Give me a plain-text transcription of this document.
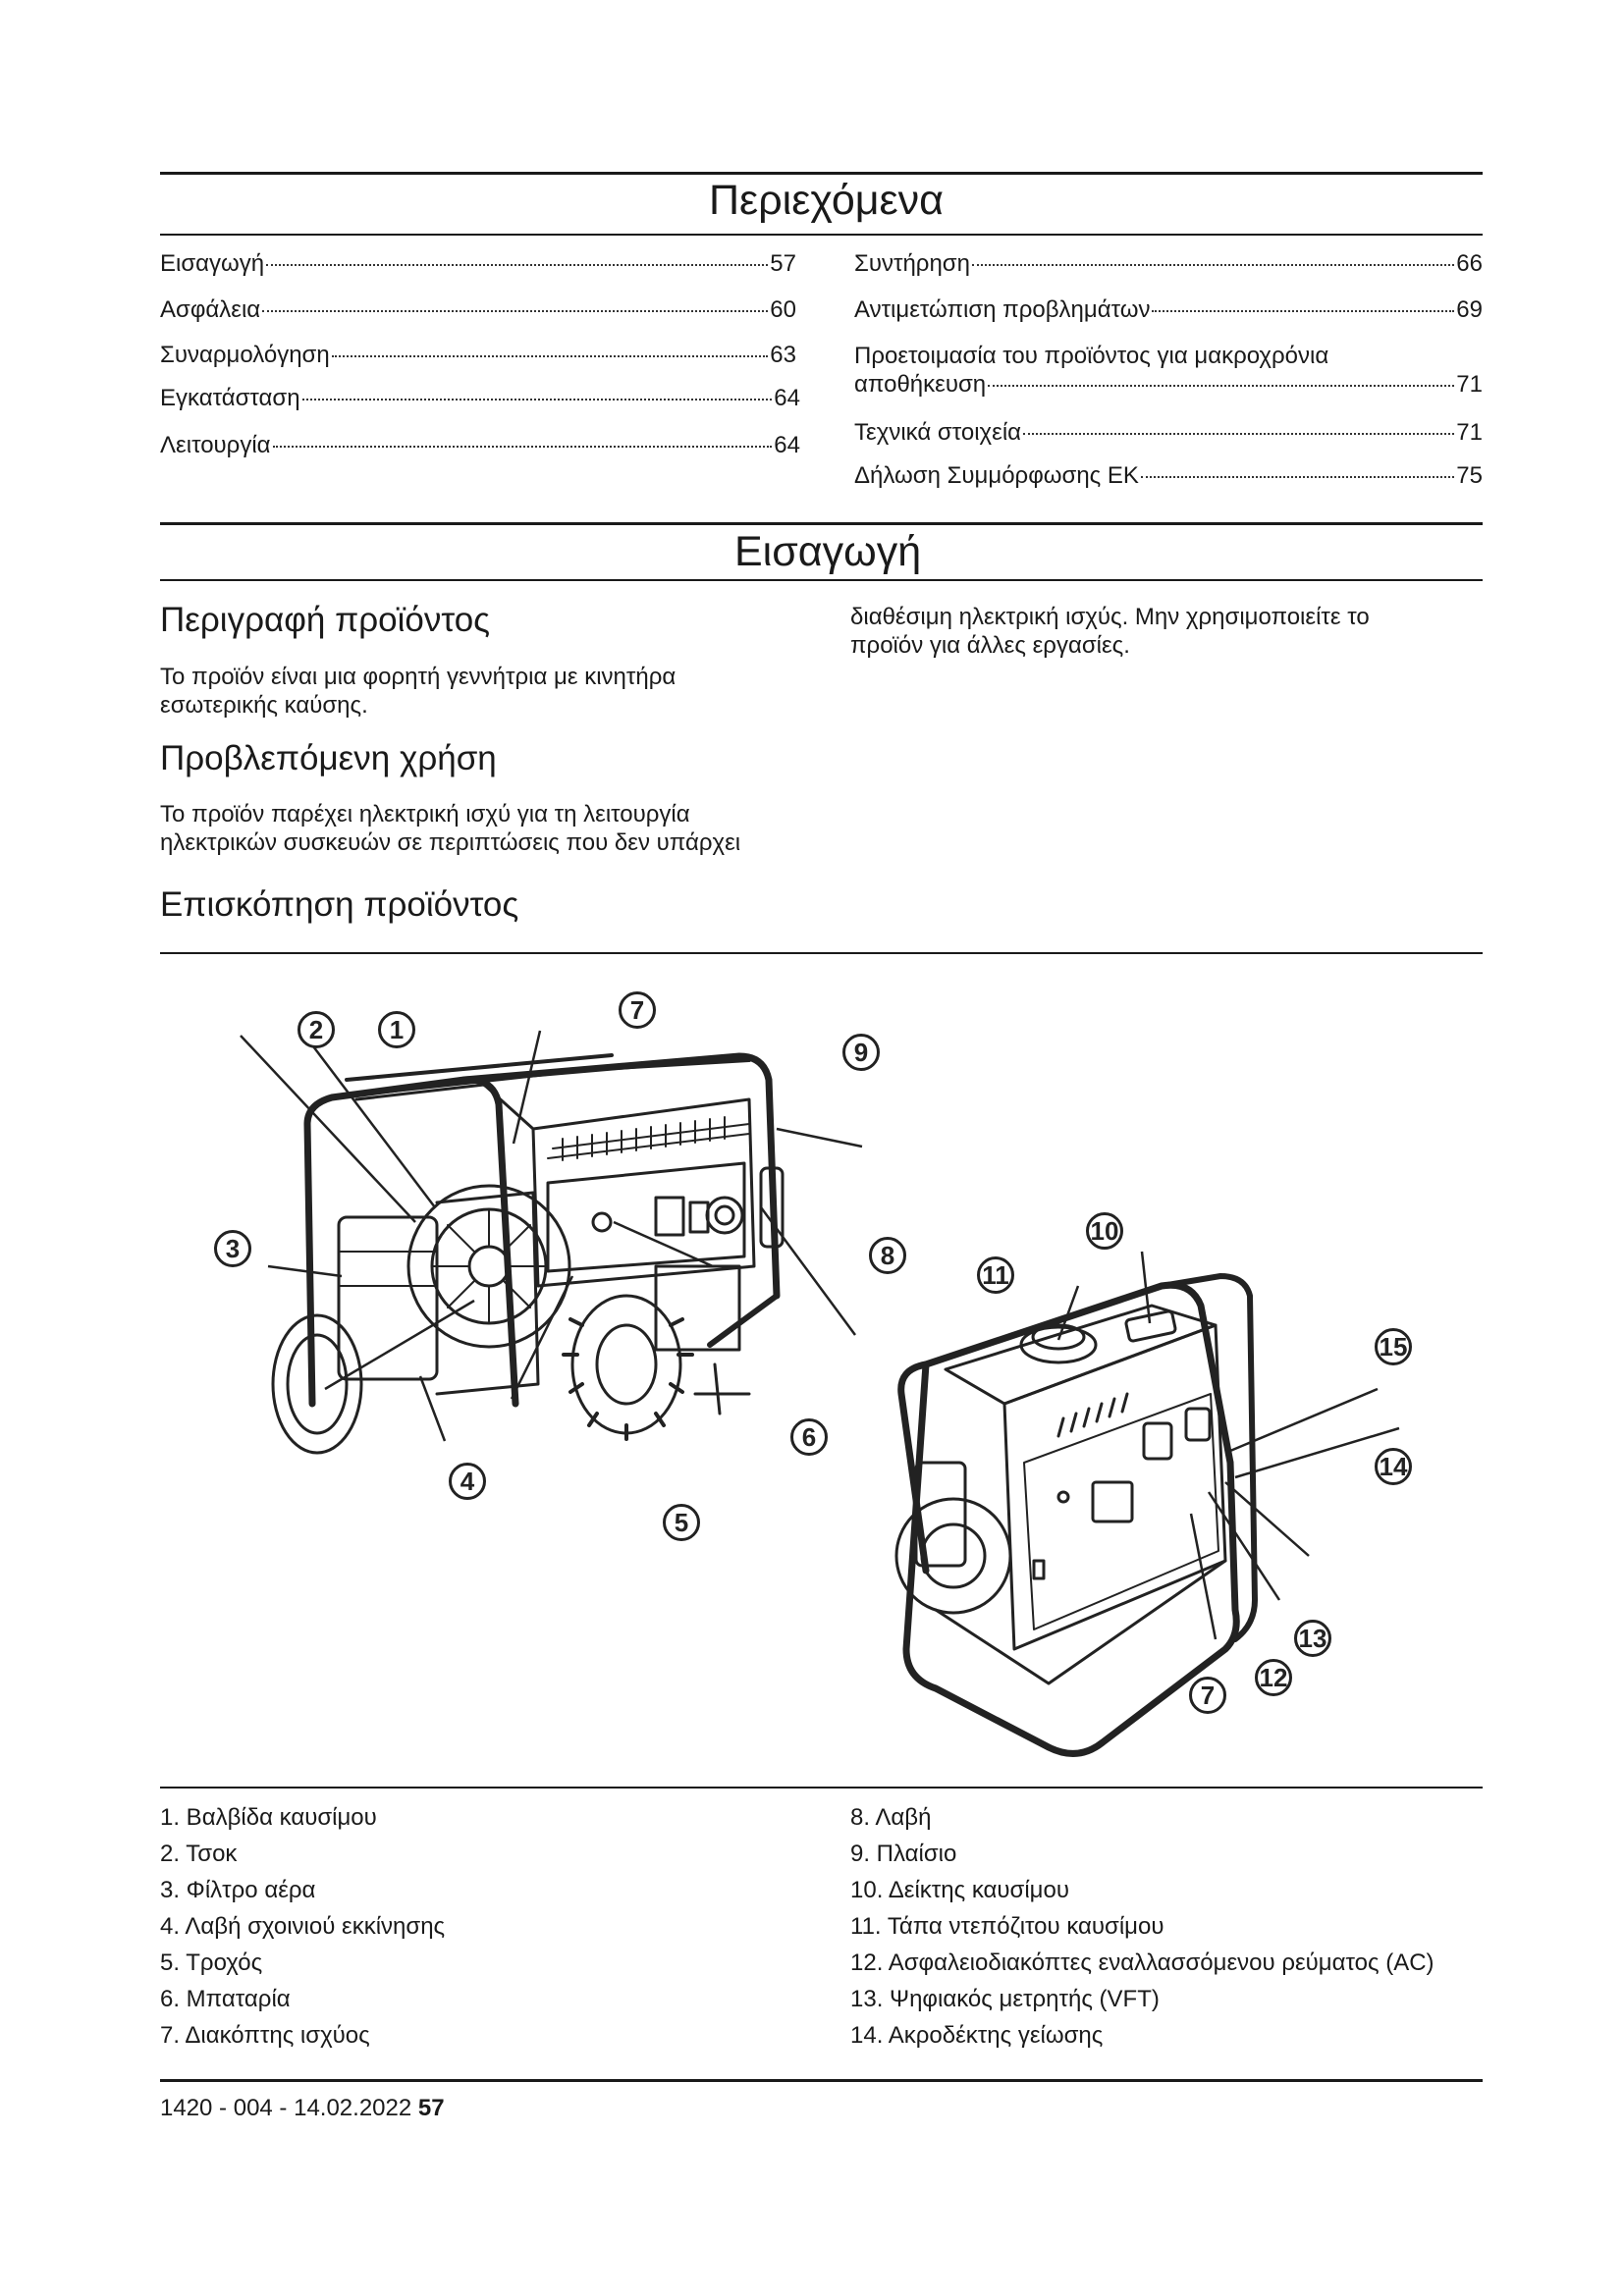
Περιεχόμενα
Εισαγωγή	57
Ασφάλεια	60
Συναρμολόγηση	63
Εγκατάσταση	64
Λειτουργία	64
Συντήρηση	66
Αντιμετώπιση προβλημάτων	69
Προετοιμασία του προϊόντος για μακροχρόνια
αποθήκευση	71
Τεχνικά στοιχεία	71
Δήλωση Συμμόρφωσης ΕΚ	75
Εισαγωγή
Περιγραφή προϊόντος
Το προϊόν είναι μια φορητή γεννήτρια με κινητήρα εσωτερικής καύσης.
Προβλεπόμενη χρήση
Το προϊόν παρέχει ηλεκτρική ισχύ για τη λειτουργία ηλεκτρικών συσκευών σε περιπτώσεις που δεν υπάρχει
διαθέσιμη ηλεκτρική ισχύς. Μην χρησιμοποιείτε το προϊόν για άλλες εργασίες.
Επισκόπηση προϊόντος
2	1
3
4
5
6
7
9
8
10
11
15
14
13
12
7
1. Βαλβίδα καυσίμου
2. Τσοκ
3. Φίλτρο αέρα
4. Λαβή σχοινιού εκκίνησης
5. Τροχός
6. Μπαταρία
7. Διακόπτης ισχύος
8. Λαβή
9. Πλαίσιο
10. Δείκτης καυσίμου
11. Τάπα ντεπόζιτου καυσίμου
12. Ασφαλειοδιακόπτες εναλλασσόμενου ρεύματος (AC)
13. Ψηφιακός μετρητής (VFT)
14. Ακροδέκτης γείωσης
1420 - 004 - 14.02.2022 57
